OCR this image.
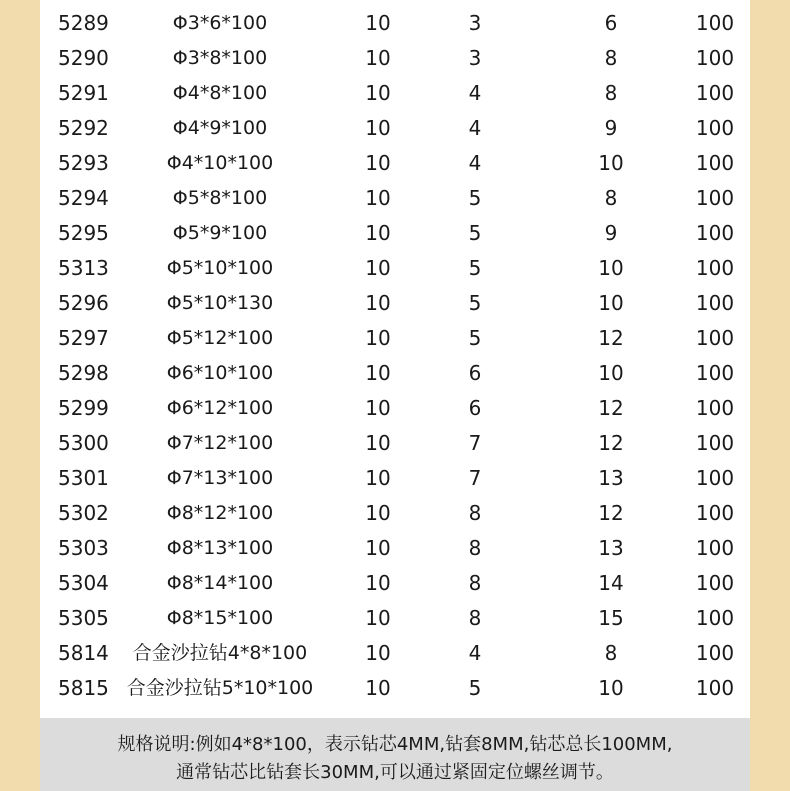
5289	Φ3*6*100	10	3	6	100
5290	Φ3*8*100	10	3	8	100
5291	Φ4*8*100	10	4	8	100
5292	Φ4*9*100	10	4	9	100
5293	Φ4*10*100	10	4	10	100
5294	Φ5*8*100	10	5	8	100
5295	Φ5*9*100	10	5	9	100
5313	Φ5*10*100	10	5	10	100
5296	Φ5*10*130	10	5	10	100
5297	Φ5*12*100	10	5	12	100
5298	Φ6*10*100	10	6	10	100
5299	Φ6*12*100	10	6	12	100
5300	Φ7*12*100	10	7	12	100
5301	Φ7*13*100	10	7	13	100
5302	Φ8*12*100	10	8	12	100
5303	Φ8*13*100	10	8	13	100
5304	Φ8*14*100	10	8	14	100
5305	Φ8*15*100	10	8	15	100
5814	合金沙拉钻4*8*100	10	4	8	100
5815 合金沙拉钻5*10*100	10	5	10	100
规格说明:例如4*8*100，表示钻芯4MM,钻套8MM,钻芯总长100MM,
通常钻芯比钻套长30MM,可以通过紧固定位螺丝调节。
